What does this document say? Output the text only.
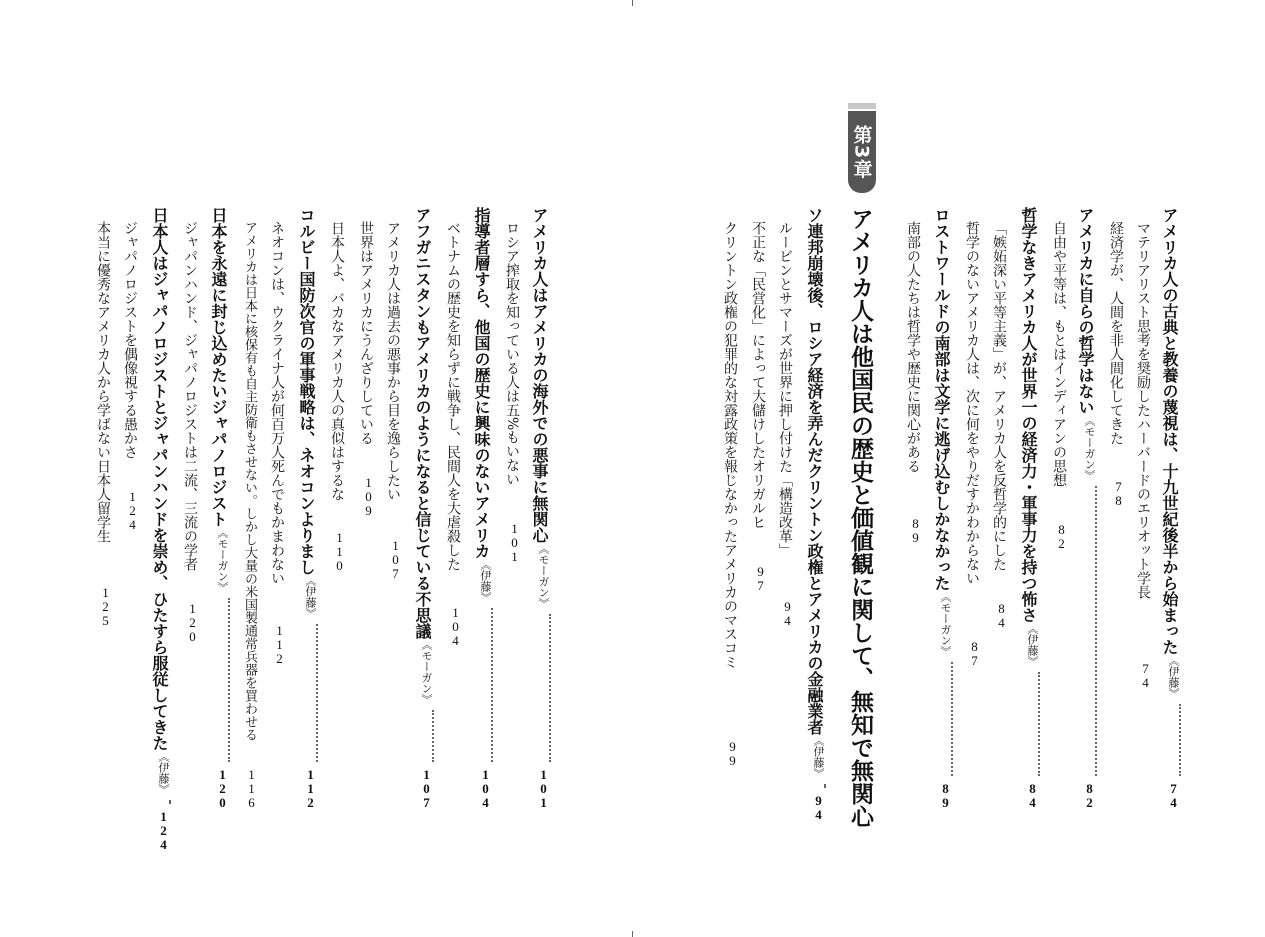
第3章
アメリカ人は他国民の歴史と価値観に関して、無知で無関心	アメリカ人の古典と教養の蔑視は、十九世紀後半から始まった
《伊藤》
74
マテリアリスト思考を奨励したハーバードのエリオット学長
74
経済学が、人間を非人間化してきた
78
アメリカに自らの哲学はない
《モーガン》
82
自由や平等は、もとはインディアンの思想
82
哲学なきアメリカ人が世界一の経済力・軍事力を持つ怖さ
《伊藤》
84
「嫉妬深い平等主義」が、アメリカ人を反哲学的にした
84
哲学のないアメリカ人は、次に何をやりだすかわからない
87
ロストワールドの南部は文学に逃げ込むしかなかった
《モーガン》
89
南部の人たちは哲学や歴史に関心がある
89
ソ連邦崩壊後、ロシア経済を弄んだクリントン政権とアメリカの金融業者
《伊藤》
94
ルービンとサマーズが世界に押し付けた「構造改革」
94
不正な「民営化」によって大儲けしたオリガルヒ
97
クリントン政権の犯罪的な対露政策を報じなかったアメリカのマスコミ
99
アメリカ人はアメリカの海外での悪事に無関心
《モーガン》
101
ロシア搾取を知っている人は五%もいない
101
指導者層すら、他国の歴史に興味のないアメリカ
《伊藤》
104
ベトナムの歴史を知らずに戦争し、民間人を大虐殺した
104
アフガニスタンもアメリカのようになると信じている不思議
《モーガン》
107
アメリカ人は過去の悪事から目を逸らしたい
107
世界はアメリカにうんざりしている
109
日本人よ、バカなアメリカ人の真似はするな
110
コルビー国防次官の軍事戦略は、ネオコンよりまし
《伊藤》
112
ネオコンは、ウクライナ人が何百万人死んでもかまわない
112
アメリカは日本に核保有も自主防衛もさせない。しかし大量の米国製通常兵器を買わせる
116
日本を永遠に封じ込めたいジャパノロジスト
《モーガン》
120
ジャパンハンド、ジャパノロジストは二流、三流の学者
120
日本人はジャパノロジストとジャパンハンドを崇め、ひたすら服従してきた
《伊藤》
124
ジャパノロジストを偶像視する愚かさ
124
本当に優秀なアメリカ人から学ばない日本人留学生
125
